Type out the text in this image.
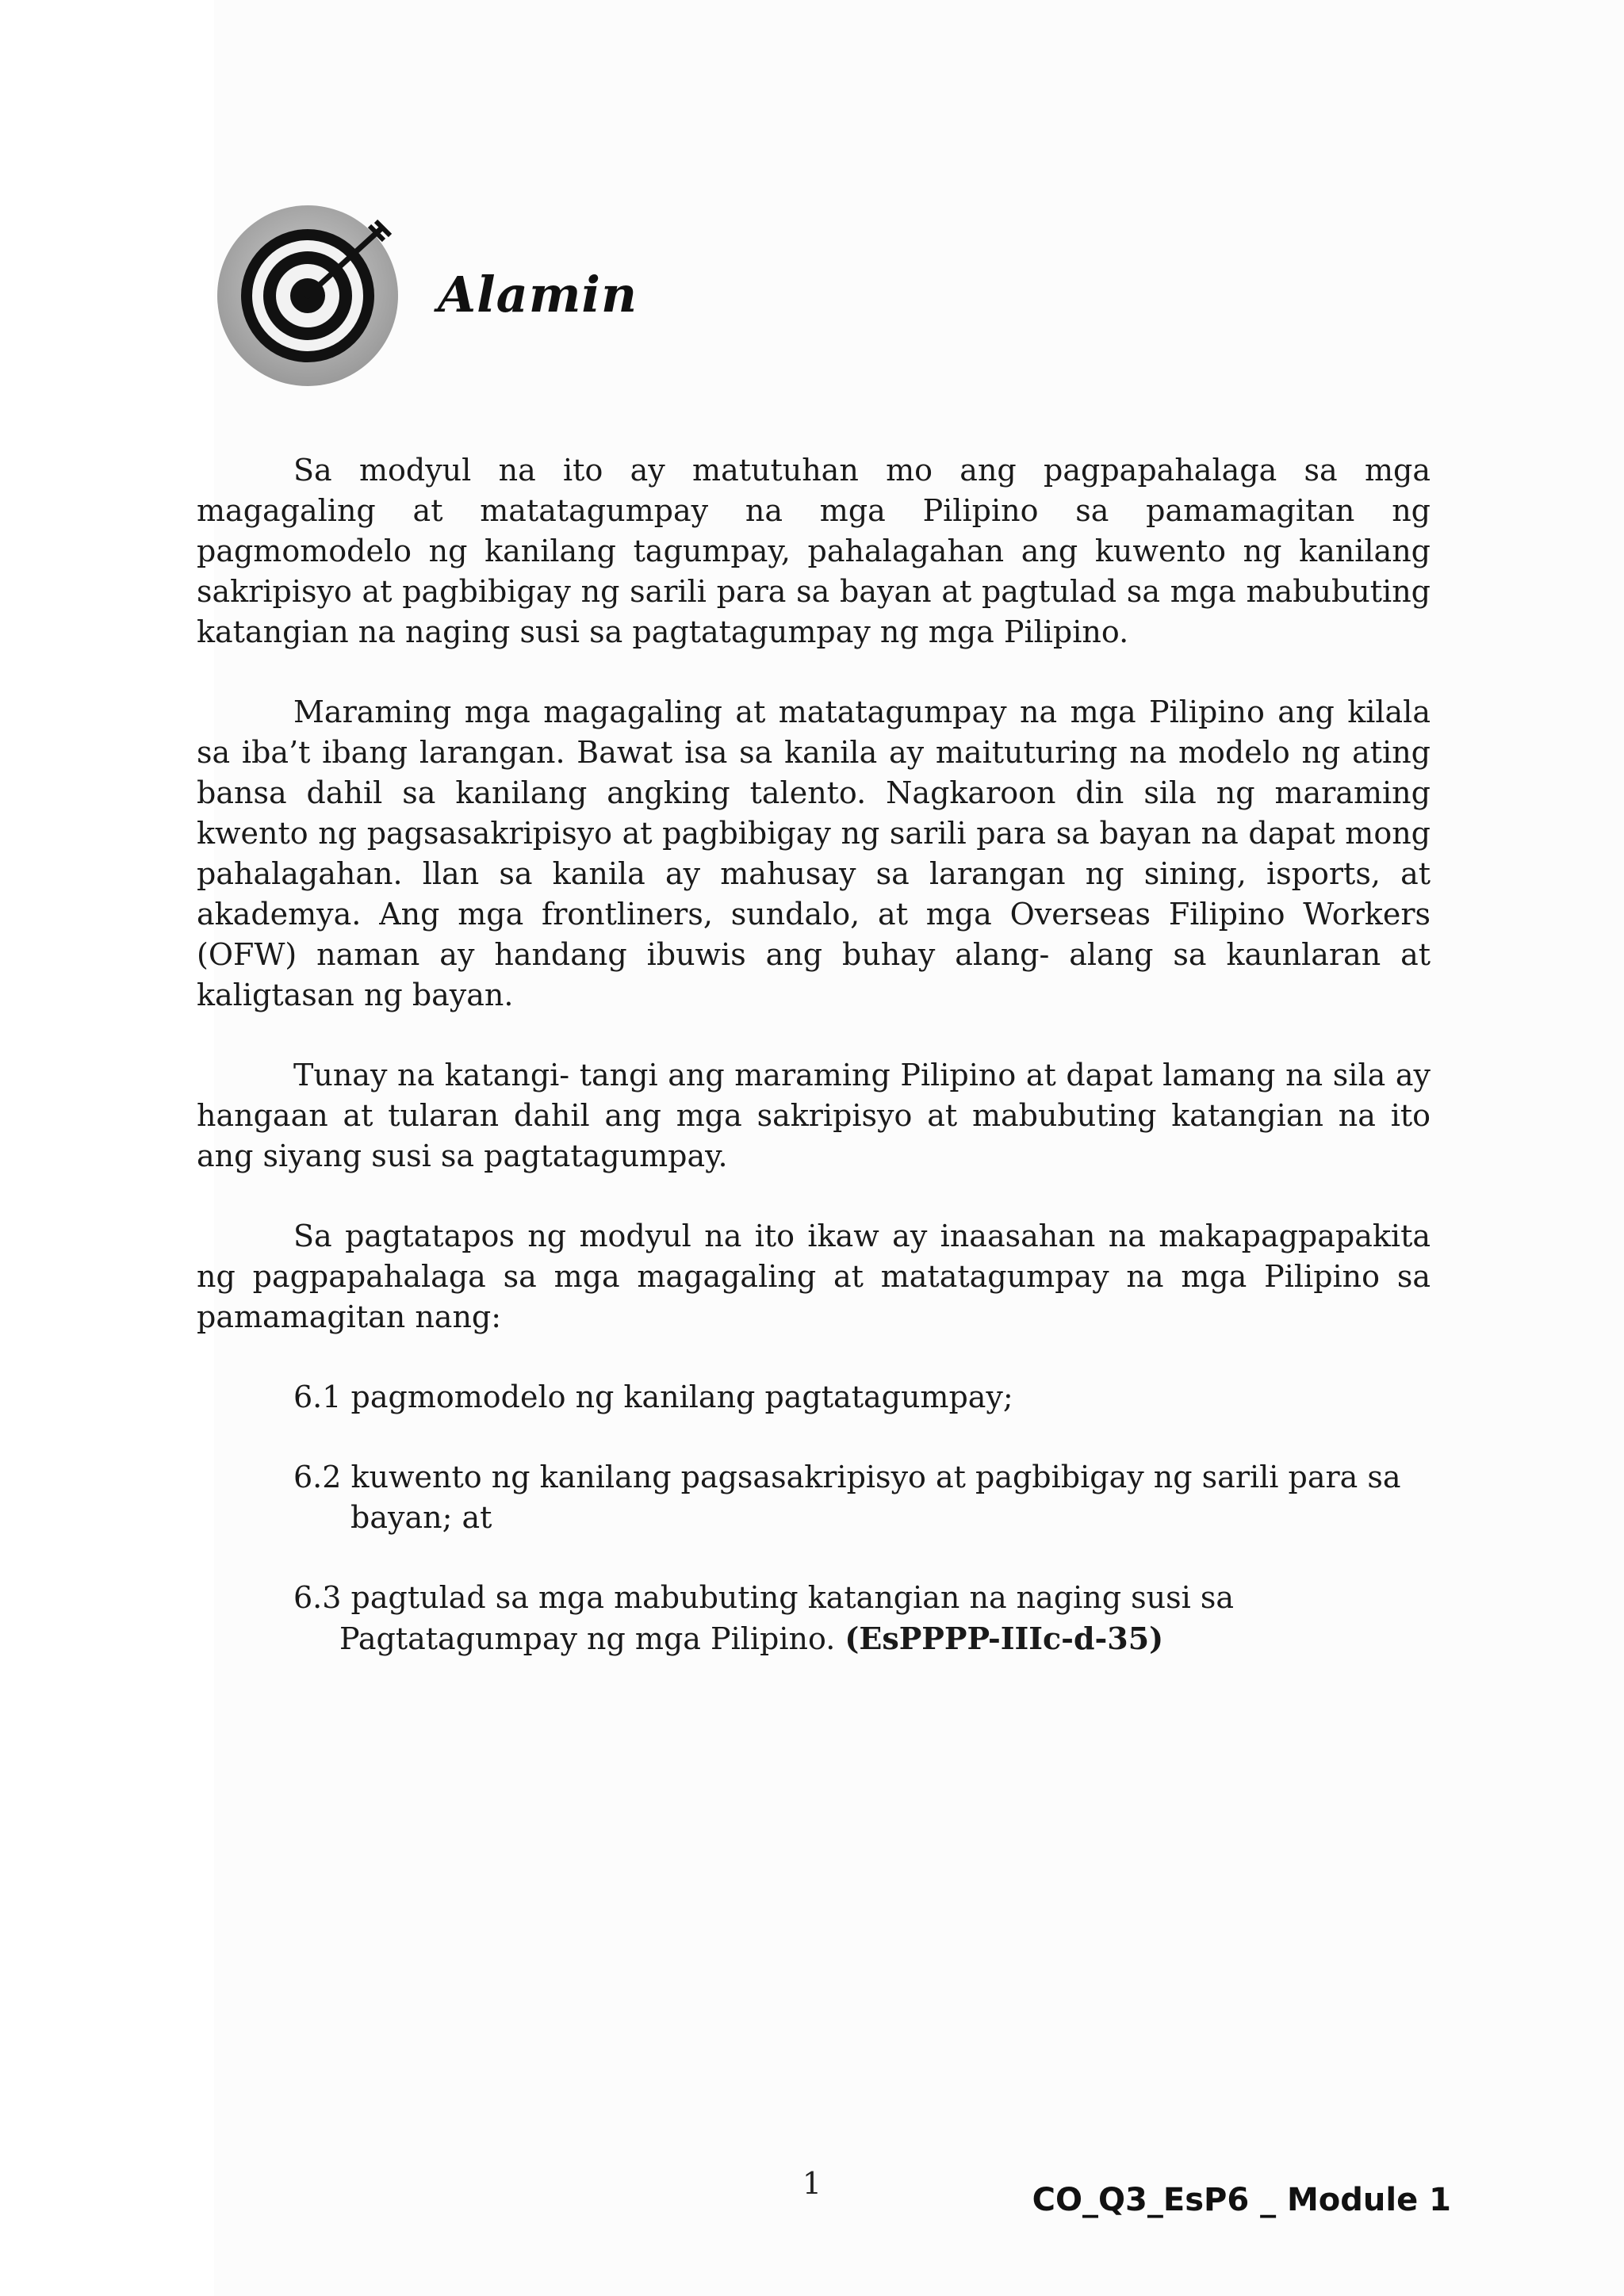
Alamin

Sa modyul na ito ay matutuhan mo ang pagpapahalaga sa mga magagaling at matatagumpay na mga Pilipino sa pamamagitan ng pagmomodelo ng kanilang tagumpay, pahalagahan ang kuwento ng kanilang sakripisyo at pagbibigay ng sarili para sa bayan at pagtulad sa mga mabubuting katangian na naging susi sa pagtatagumpay ng mga Pilipino.

Maraming mga magagaling at matatagumpay na mga Pilipino ang kilala sa iba’t ibang larangan. Bawat isa sa kanila ay maituturing na modelo ng ating bansa dahil sa kanilang angking talento. Nagkaroon din sila ng maraming kwento ng pagsasakripisyo at pagbibigay ng sarili para sa bayan na dapat mong pahalagahan. llan sa kanila ay mahusay sa larangan ng sining, isports, at akademya. Ang mga frontliners, sundalo, at mga Overseas Filipino Workers (OFW) naman ay handang ibuwis ang buhay alang- alang sa kaunlaran at kaligtasan ng bayan.

Tunay na katangi- tangi ang maraming Pilipino at dapat lamang na sila ay hangaan at tularan dahil ang mga sakripisyo at mabubuting katangian na ito ang siyang susi sa pagtatagumpay.

Sa pagtatapos ng modyul na ito ikaw ay inaasahan na makapagpapakita ng pagpapahalaga sa mga magagaling at matatagumpay na mga Pilipino sa pamamagitan nang:

6.1 pagmomodelo ng kanilang pagtatagumpay;
6.2 kuwento ng kanilang pagsasakripisyo at pagbibigay ng sarili para sa
bayan; at
6.3 pagtulad sa mga mabubuting katangian na naging susi sa
Pagtatagumpay ng mga Pilipino. (EsPPPP-IIIc-d-35)
1	CO_Q3_EsP6 _ Module 1
